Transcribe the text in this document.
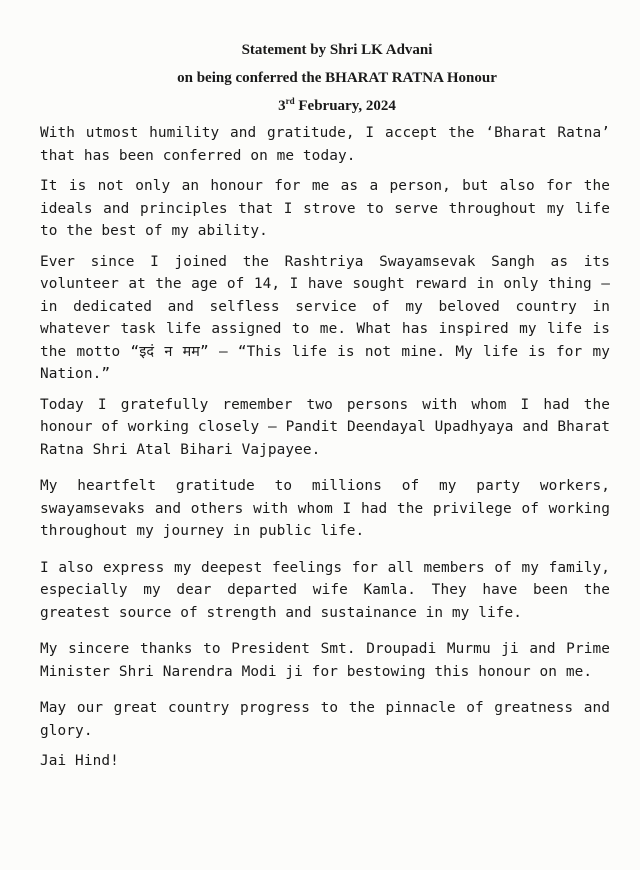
Statement by Shri LK Advani
on being conferred the BHARAT RATNA Honour
3rd February, 2024

With utmost humility and gratitude, I accept the ‘Bharat Ratna’ that has been conferred on me today.

It is not only an honour for me as a person, but also for the ideals and principles that I strove to serve throughout my life to the best of my ability.

Ever since I joined the Rashtriya Swayamsevak Sangh as its volunteer at the age of 14, I have sought reward in only thing – in dedicated and selfless service of my beloved country in whatever task life assigned to me. What has inspired my life is the motto “इदं न मम” – “This life is not mine. My life is for my Nation.”

Today I gratefully remember two persons with whom I had the honour of working closely – Pandit Deendayal Upadhyaya and Bharat Ratna Shri Atal Bihari Vajpayee.

My heartfelt gratitude to millions of my party workers, swayamsevaks and others with whom I had the privilege of working throughout my journey in public life.

I also express my deepest feelings for all members of my family, especially my dear departed wife Kamla. They have been the greatest source of strength and sustainance in my life.

My sincere thanks to President Smt. Droupadi Murmu ji and Prime Minister Shri Narendra Modi ji for bestowing this honour on me.

May our great country progress to the pinnacle of greatness and glory.

Jai Hind!
